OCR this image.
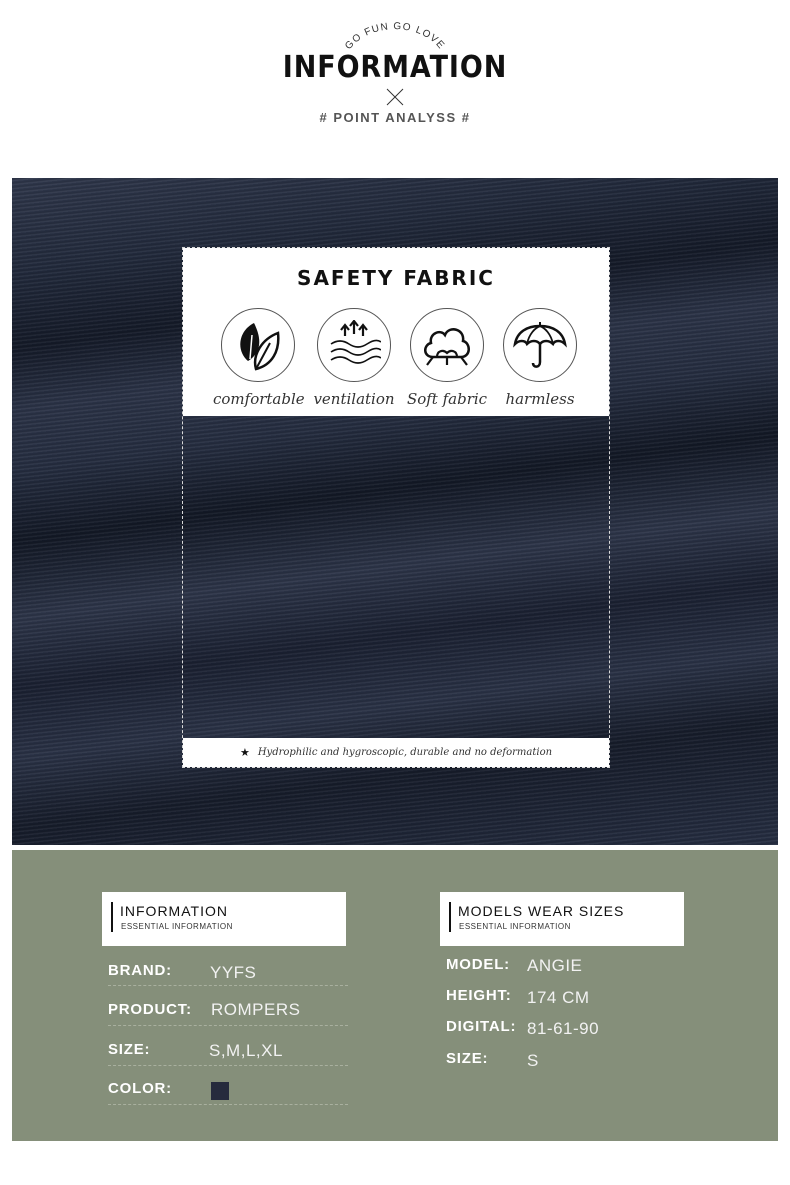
GO FUN GO LOVE
INFORMATION
# POINT ANALYSS #
SAFETY FABRIC
comfortable ventilation Soft fabric	harmless
★ Hydrophilic and hygroscopic, durable and no deformation
INFORMATION
ESSENTIAL INFORMATION
MODELS WEAR SIZES
ESSENTIAL INFORMATION
BRAND: YYFS
PRODUCT: ROMPERS
SIZE:	S,M,L,XL
COLOR:
MODEL: ANGIE
HEIGHT: 174 CM
DIGITAL: 81-61-90
SIZE: S
